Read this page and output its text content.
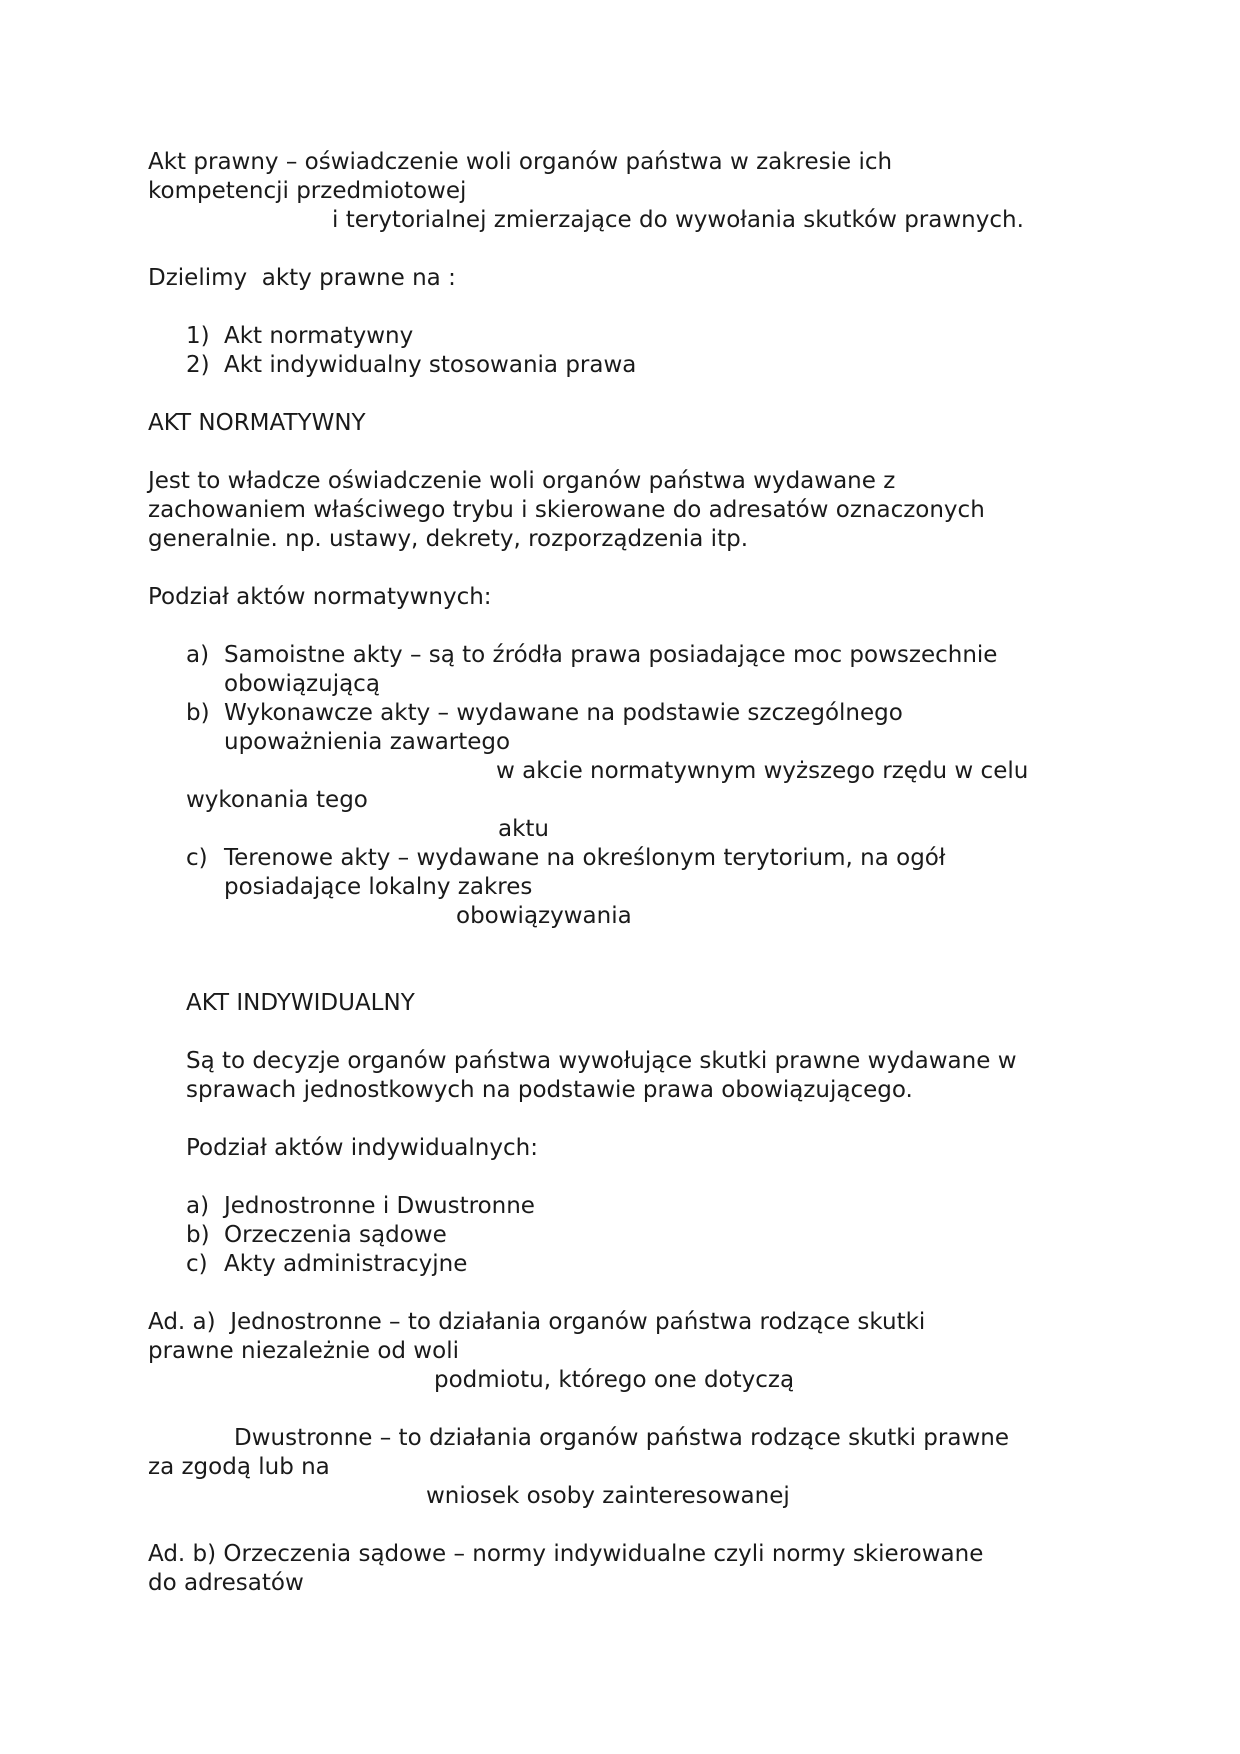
Akt prawny – oświadczenie woli organów państwa w zakresie ich
kompetencji przedmiotowej
i terytorialnej zmierzające do wywołania skutków prawnych.
Dzielimy  akty prawne na :
1) Akt normatywny
2) Akt indywidualny stosowania prawa
AKT NORMATYWNY
Jest to władcze oświadczenie woli organów państwa wydawane z
zachowaniem właściwego trybu i skierowane do adresatów oznaczonych
generalnie. np. ustawy, dekrety, rozporządzenia itp.
Podział aktów normatywnych:
a) Samoistne akty – są to źródła prawa posiadające moc powszechnie
obowiązującą
b) Wykonawcze akty – wydawane na podstawie szczególnego
upoważnienia zawartego
w akcie normatywnym wyższego rzędu w celu
wykonania tego
aktu
c) Terenowe akty – wydawane na określonym terytorium, na ogół
posiadające lokalny zakres
obowiązywania
AKT INDYWIDUALNY
Są to decyzje organów państwa wywołujące skutki prawne wydawane w
sprawach jednostkowych na podstawie prawa obowiązującego.
Podział aktów indywidualnych:
a) Jednostronne i Dwustronne
b) Orzeczenia sądowe
c) Akty administracyjne
Ad. a)  Jednostronne – to działania organów państwa rodzące skutki
prawne niezależnie od woli
podmiotu, którego one dotyczą
Dwustronne – to działania organów państwa rodzące skutki prawne
za zgodą lub na
wniosek osoby zainteresowanej
Ad. b) Orzeczenia sądowe – normy indywidualne czyli normy skierowane
do adresatów
